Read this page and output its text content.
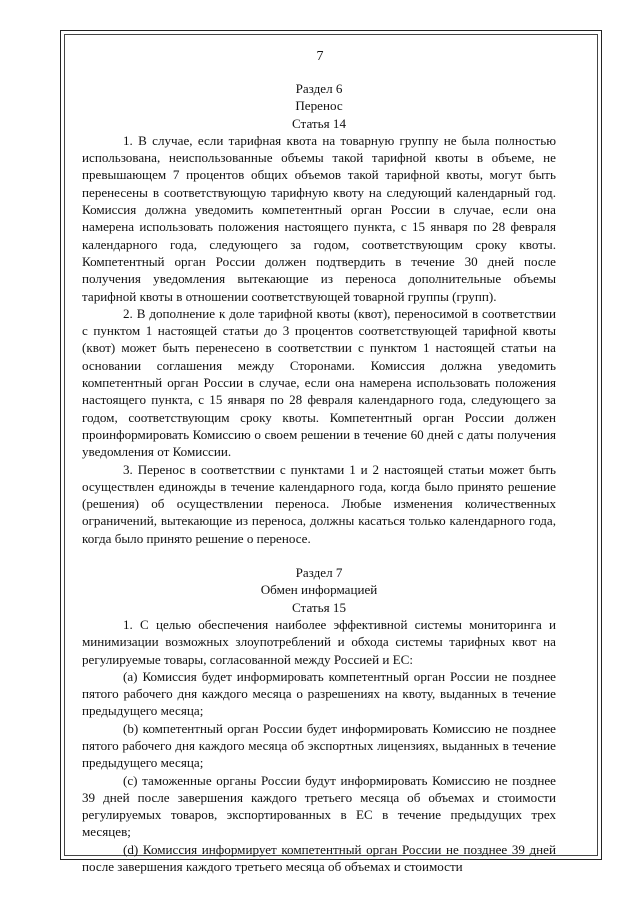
7

Раздел 6

Перенос

Статья 14

1. В случае, если тарифная квота на товарную группу не была полностью использована, неиспользованные объемы такой тарифной квоты в объеме, не превышающем 7 процентов общих объемов такой тарифной квоты, могут быть перенесены в соответствующую тарифную квоту на следующий календарный год. Комиссия должна уведомить компетентный орган России в случае, если она намерена использовать положения настоящего пункта, с 15 января по 28 февраля календарного года, следующего за годом, соответствующим сроку квоты. Компетентный орган России должен подтвердить в течение 30 дней после получения уведомления вытекающие из переноса дополнительные объемы тарифной квоты в отношении соответствующей товарной группы (групп).

2. В дополнение к доле тарифной квоты (квот), переносимой в соответствии с пунктом 1 настоящей статьи до 3 процентов соответствующей тарифной квоты (квот) может быть перенесено в соответствии с пунктом 1 настоящей статьи на основании соглашения между Сторонами. Комиссия должна уведомить компетентный орган России в случае, если она намерена использовать положения настоящего пункта, с 15 января по 28 февраля календарного года, следующего за годом, соответствующим сроку квоты. Компетентный орган России должен проинформировать Комиссию о своем решении в течение 60 дней с даты получения уведомления от Комиссии.

3. Перенос в соответствии с пунктами 1 и 2 настоящей статьи может быть осуществлен единожды в течение календарного года, когда было принято решение (решения) об осуществлении переноса. Любые изменения количественных ограничений, вытекающие из переноса, должны касаться только календарного года, когда было принято решение о переносе.

Раздел 7

Обмен информацией

Статья 15

1. С целью обеспечения наиболее эффективной системы мониторинга и минимизации возможных злоупотреблений и обхода системы тарифных квот на регулируемые товары, согласованной между Россией и ЕС:

(а) Комиссия будет информировать компетентный орган России не позднее пятого рабочего дня каждого месяца о разрешениях на квоту, выданных в течение предыдущего месяца;

(b) компетентный орган России будет информировать Комиссию не позднее пятого рабочего дня каждого месяца об экспортных лицензиях, выданных в течение предыдущего месяца;

(c) таможенные органы России будут информировать Комиссию не позднее 39 дней после завершения каждого третьего месяца об объемах и стоимости регулируемых товаров, экспортированных в ЕС в течение предыдущих трех месяцев;

(d) Комиссия информирует компетентный орган России не позднее 39 дней после завершения каждого третьего месяца об объемах и стоимости
